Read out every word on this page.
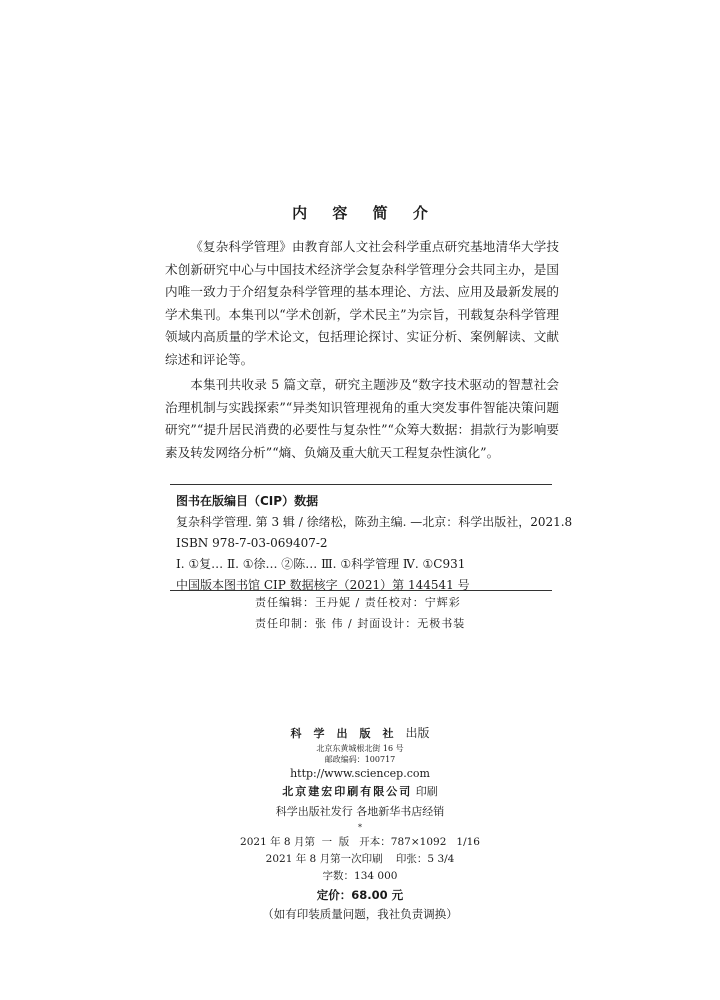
内 容 简 介

《复杂科学管理》由教育部人文社会科学重点研究基地清华大学技术创新研究中心与中国技术经济学会复杂科学管理分会共同主办，是国内唯一致力于介绍复杂科学管理的基本理论、方法、应用及最新发展的学术集刊。本集刊以“学术创新，学术民主”为宗旨，刊载复杂科学管理领域内高质量的学术论文，包括理论探讨、实证分析、案例解读、文献综述和评论等。

本集刊共收录 5 篇文章，研究主题涉及“数字技术驱动的智慧社会治理机制与实践探索”“异类知识管理视角的重大突发事件智能决策问题研究”“提升居民消费的必要性与复杂性”“众筹大数据：捐款行为影响要素及转发网络分析”“熵、负熵及重大航天工程复杂性演化”。

图书在版编目（CIP）数据
复杂科学管理. 第 3 辑 / 徐绪松，陈劲主编. —北京：科学出版社，2021.8
ISBN 978-7-03-069407-2
Ⅰ. ①复… Ⅱ. ①徐… ②陈… Ⅲ. ①科学管理 Ⅳ. ①C931
中国版本图书馆 CIP 数据核字（2021）第 144541 号
责任编辑：王丹妮 / 责任校对：宁辉彩
责任印制：张 伟 / 封面设计：无极书装
科学出版社出版
北京东黄城根北街 16 号
邮政编码：100717
http://www.sciencep.com
北京建宏印刷有限公司 印刷
科学出版社发行 各地新华书店经销
*
2021 年 8 月第  一  版   开本：787×1092   1/16
2021 年 8 月第一次印刷    印张：5 3/4
字数：134 000
定价：68.00 元
（如有印装质量问题，我社负责调换）
